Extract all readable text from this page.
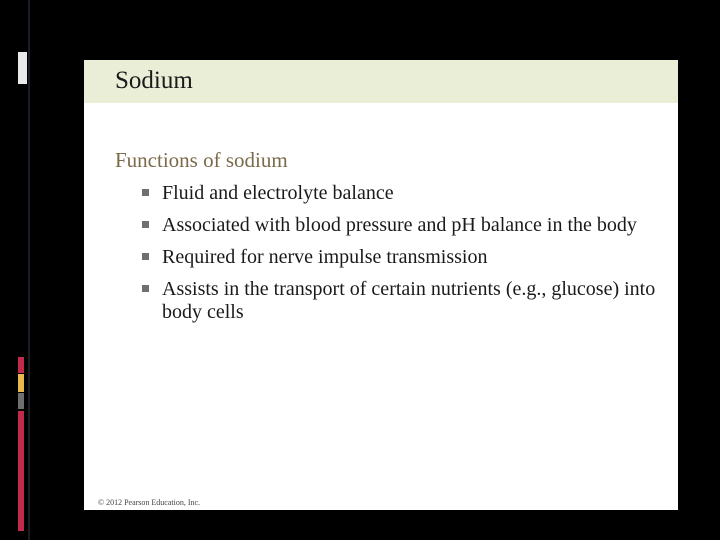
Sodium
Functions of sodium
Fluid and electrolyte balance
Associated with blood pressure and pH balance in the body
Required for nerve impulse transmission
Assists in the transport of certain nutrients (e.g., glucose) into body cells
© 2012 Pearson Education, Inc.
